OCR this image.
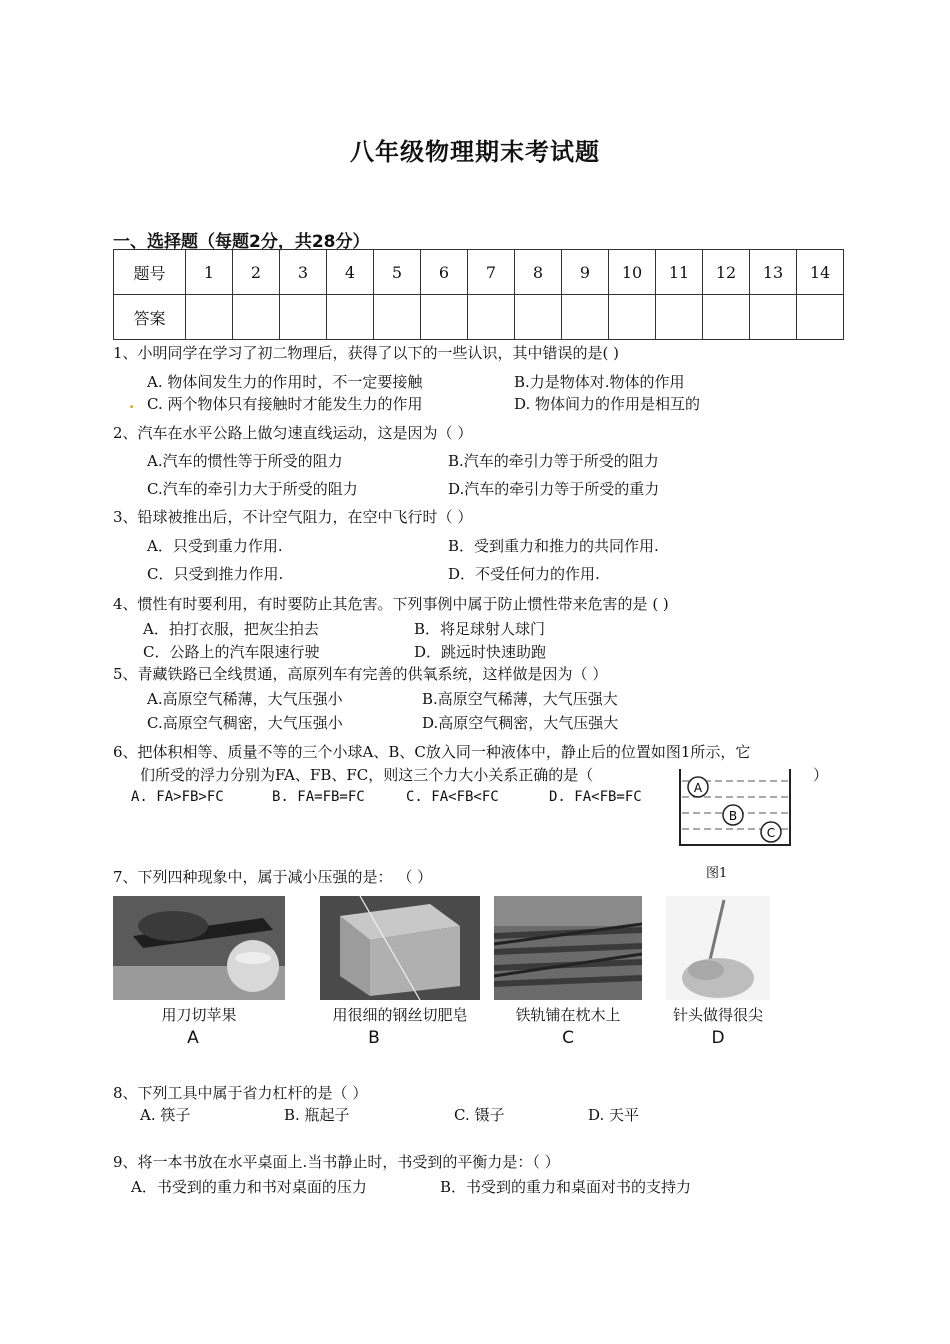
八年级物理期末考试题
一、选择题（每题2分，共28分）
题号	1	2	3	4	5	6	7	8	9	10	11	12	13	14
答案														
1、小明同学在学习了初二物理后，获得了以下的一些认识，其中错误的是( )
A. 物体间发生力的作用时，不一定要接触	B.力是物体对.物体的作用
. C. 两个物体只有接触时才能发生力的作用	D. 物体间力的作用是相互的
2、汽车在水平公路上做匀速直线运动，这是因为（ ）
A.汽车的惯性等于所受的阻力	B.汽车的牵引力等于所受的阻力
C.汽车的牵引力大于所受的阻力	D.汽车的牵引力等于所受的重力
3、铅球被推出后，不计空气阻力，在空中飞行时（ ）
A．只受到重力作用.	B．受到重力和推力的共同作用.
C．只受到推力作用.	D．不受任何力的作用.
4、惯性有时要利用，有时要防止其危害。下列事例中属于防止惯性带来危害的是 ( )
A．拍打衣服，把灰尘拍去	B．将足球射人球门
C．公路上的汽车限速行驶	D．跳远时快速助跑
5、青藏铁路已全线贯通，高原列车有完善的供氧系统，这样做是因为（ ）
A.高原空气稀薄，大气压强小	B.高原空气稀薄，大气压强大
C.高原空气稠密，大气压强小	D.高原空气稠密，大气压强大
6、把体积相等、质量不等的三个小球A、B、C放入同一种液体中，静止后的位置如图1所示，它
们所受的浮力分别为FA、FB、FC，则这三个力大小关系正确的是（	）
A. FA>FB>FC	B. FA=FB=FC	C. FA<FB<FC	D. FA<FB=FC
A
B
C
图1
7、下列四种现象中，属于减小压强的是： （ ）
用刀切苹果	用很细的钢丝切肥皂	铁轨铺在枕木上	针头做得很尖
A	B	C	D
8、下列工具中属于省力杠杆的是（ ）
A. 筷子	B. 瓶起子	C. 镊子	D. 天平
9、将一本书放在水平桌面上.当书静止时，书受到的平衡力是：（ ）
A．书受到的重力和书对桌面的压力	B．书受到的重力和桌面对书的支持力
